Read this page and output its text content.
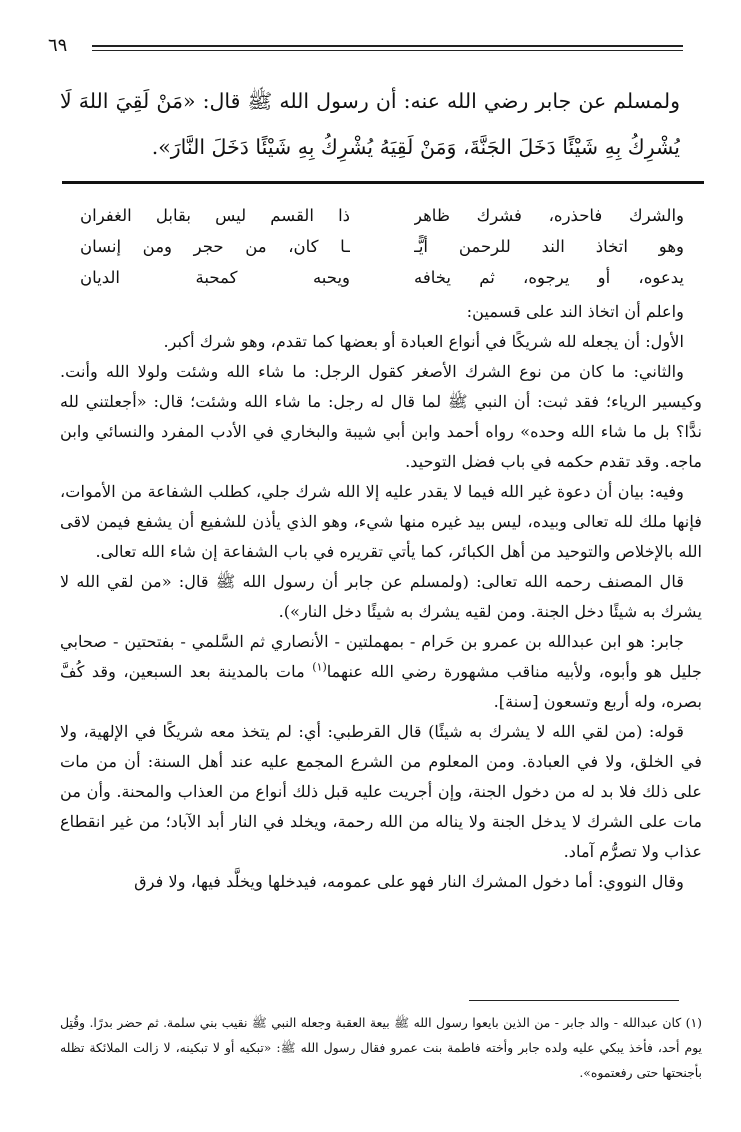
٦٩

ولمسلم عن جابر رضي الله عنه: أن رسول الله ﷺ قال: «مَنْ لَقِيَ اللهَ لَا يُشْرِكُ بِهِ شَيْئًا دَخَلَ الجَنَّةَ، وَمَنْ لَقِيَهُ يُشْرِكُ بِهِ شَيْئًا دَخَلَ النَّارَ».

والشرك فاحذره، فشرك ظاهر
ذا القسم ليس بقابل الغفران
وهو اتخاذ الند للرحمن أيًّـ
ـا كان، من حجر ومن إنسان
يدعوه، أو يرجوه، ثم يخافه
ويحبه كمحبة الديان

واعلم أن اتخاذ الند على قسمين:

الأول: أن يجعله لله شريكًا في أنواع العبادة أو بعضها كما تقدم، وهو شرك أكبر.

والثاني: ما كان من نوع الشرك الأصغر كقول الرجل: ما شاء الله وشئت ولولا الله وأنت. وكيسير الرياء؛ فقد ثبت: أن النبي ﷺ لما قال له رجل: ما شاء الله وشئت؛ قال: «أجعلتني لله ندًّا؟ بل ما شاء الله وحده» رواه أحمد وابن أبي شيبة والبخاري في الأدب المفرد والنسائي وابن ماجه. وقد تقدم حكمه في باب فضل التوحيد.

وفيه: بيان أن دعوة غير الله فيما لا يقدر عليه إلا الله شرك جلي، كطلب الشفاعة من الأموات، فإنها ملك لله تعالى وبيده، ليس بيد غيره منها شيء، وهو الذي يأذن للشفيع أن يشفع فيمن لاقى الله بالإخلاص والتوحيد من أهل الكبائر، كما يأتي تقريره في باب الشفاعة إن شاء الله تعالى.

قال المصنف رحمه الله تعالى: (ولمسلم عن جابر أن رسول الله ﷺ قال: «من لقي الله لا يشرك به شيئًا دخل الجنة. ومن لقيه يشرك به شيئًا دخل النار»).

جابر: هو ابن عبدالله بن عمرو بن حَرام - بمهملتين - الأنصاري ثم السَّلمي - بفتحتين - صحابي جليل هو وأبوه، ولأبيه مناقب مشهورة رضي الله عنهما$^{(١)}$ مات بالمدينة بعد السبعين، وقد كُفَّ بصره، وله أربع وتسعون [سنة].

قوله: (من لقي الله لا يشرك به شيئًا) قال القرطبي: أي: لم يتخذ معه شريكًا في الإلهية، ولا في الخلق، ولا في العبادة. ومن المعلوم من الشرع المجمع عليه عند أهل السنة: أن من مات على ذلك فلا بد له من دخول الجنة، وإن أجريت عليه قبل ذلك أنواع من العذاب والمحنة. وأن من مات على الشرك لا يدخل الجنة ولا يناله من الله رحمة، ويخلد في النار أبد الآباد؛ من غير انقطاع عذاب ولا تصرُّم آماد.

وقال النووي: أما دخول المشرك النار فهو على عمومه، فيدخلها ويخلَّد فيها، ولا فرق

(١) كان عبدالله - والد جابر - من الذين بايعوا رسول الله ﷺ بيعة العقبة وجعله النبي ﷺ نقيب بني سلمة. ثم حضر بدرًا. وقُتِل يوم أحد، فأخذ يبكي عليه ولده جابر وأخته فاطمة بنت عمرو فقال رسول الله ﷺ: «تبكيه أو لا تبكينه، لا زالت الملائكة تظله بأجنحتها حتى رفعتموه».
